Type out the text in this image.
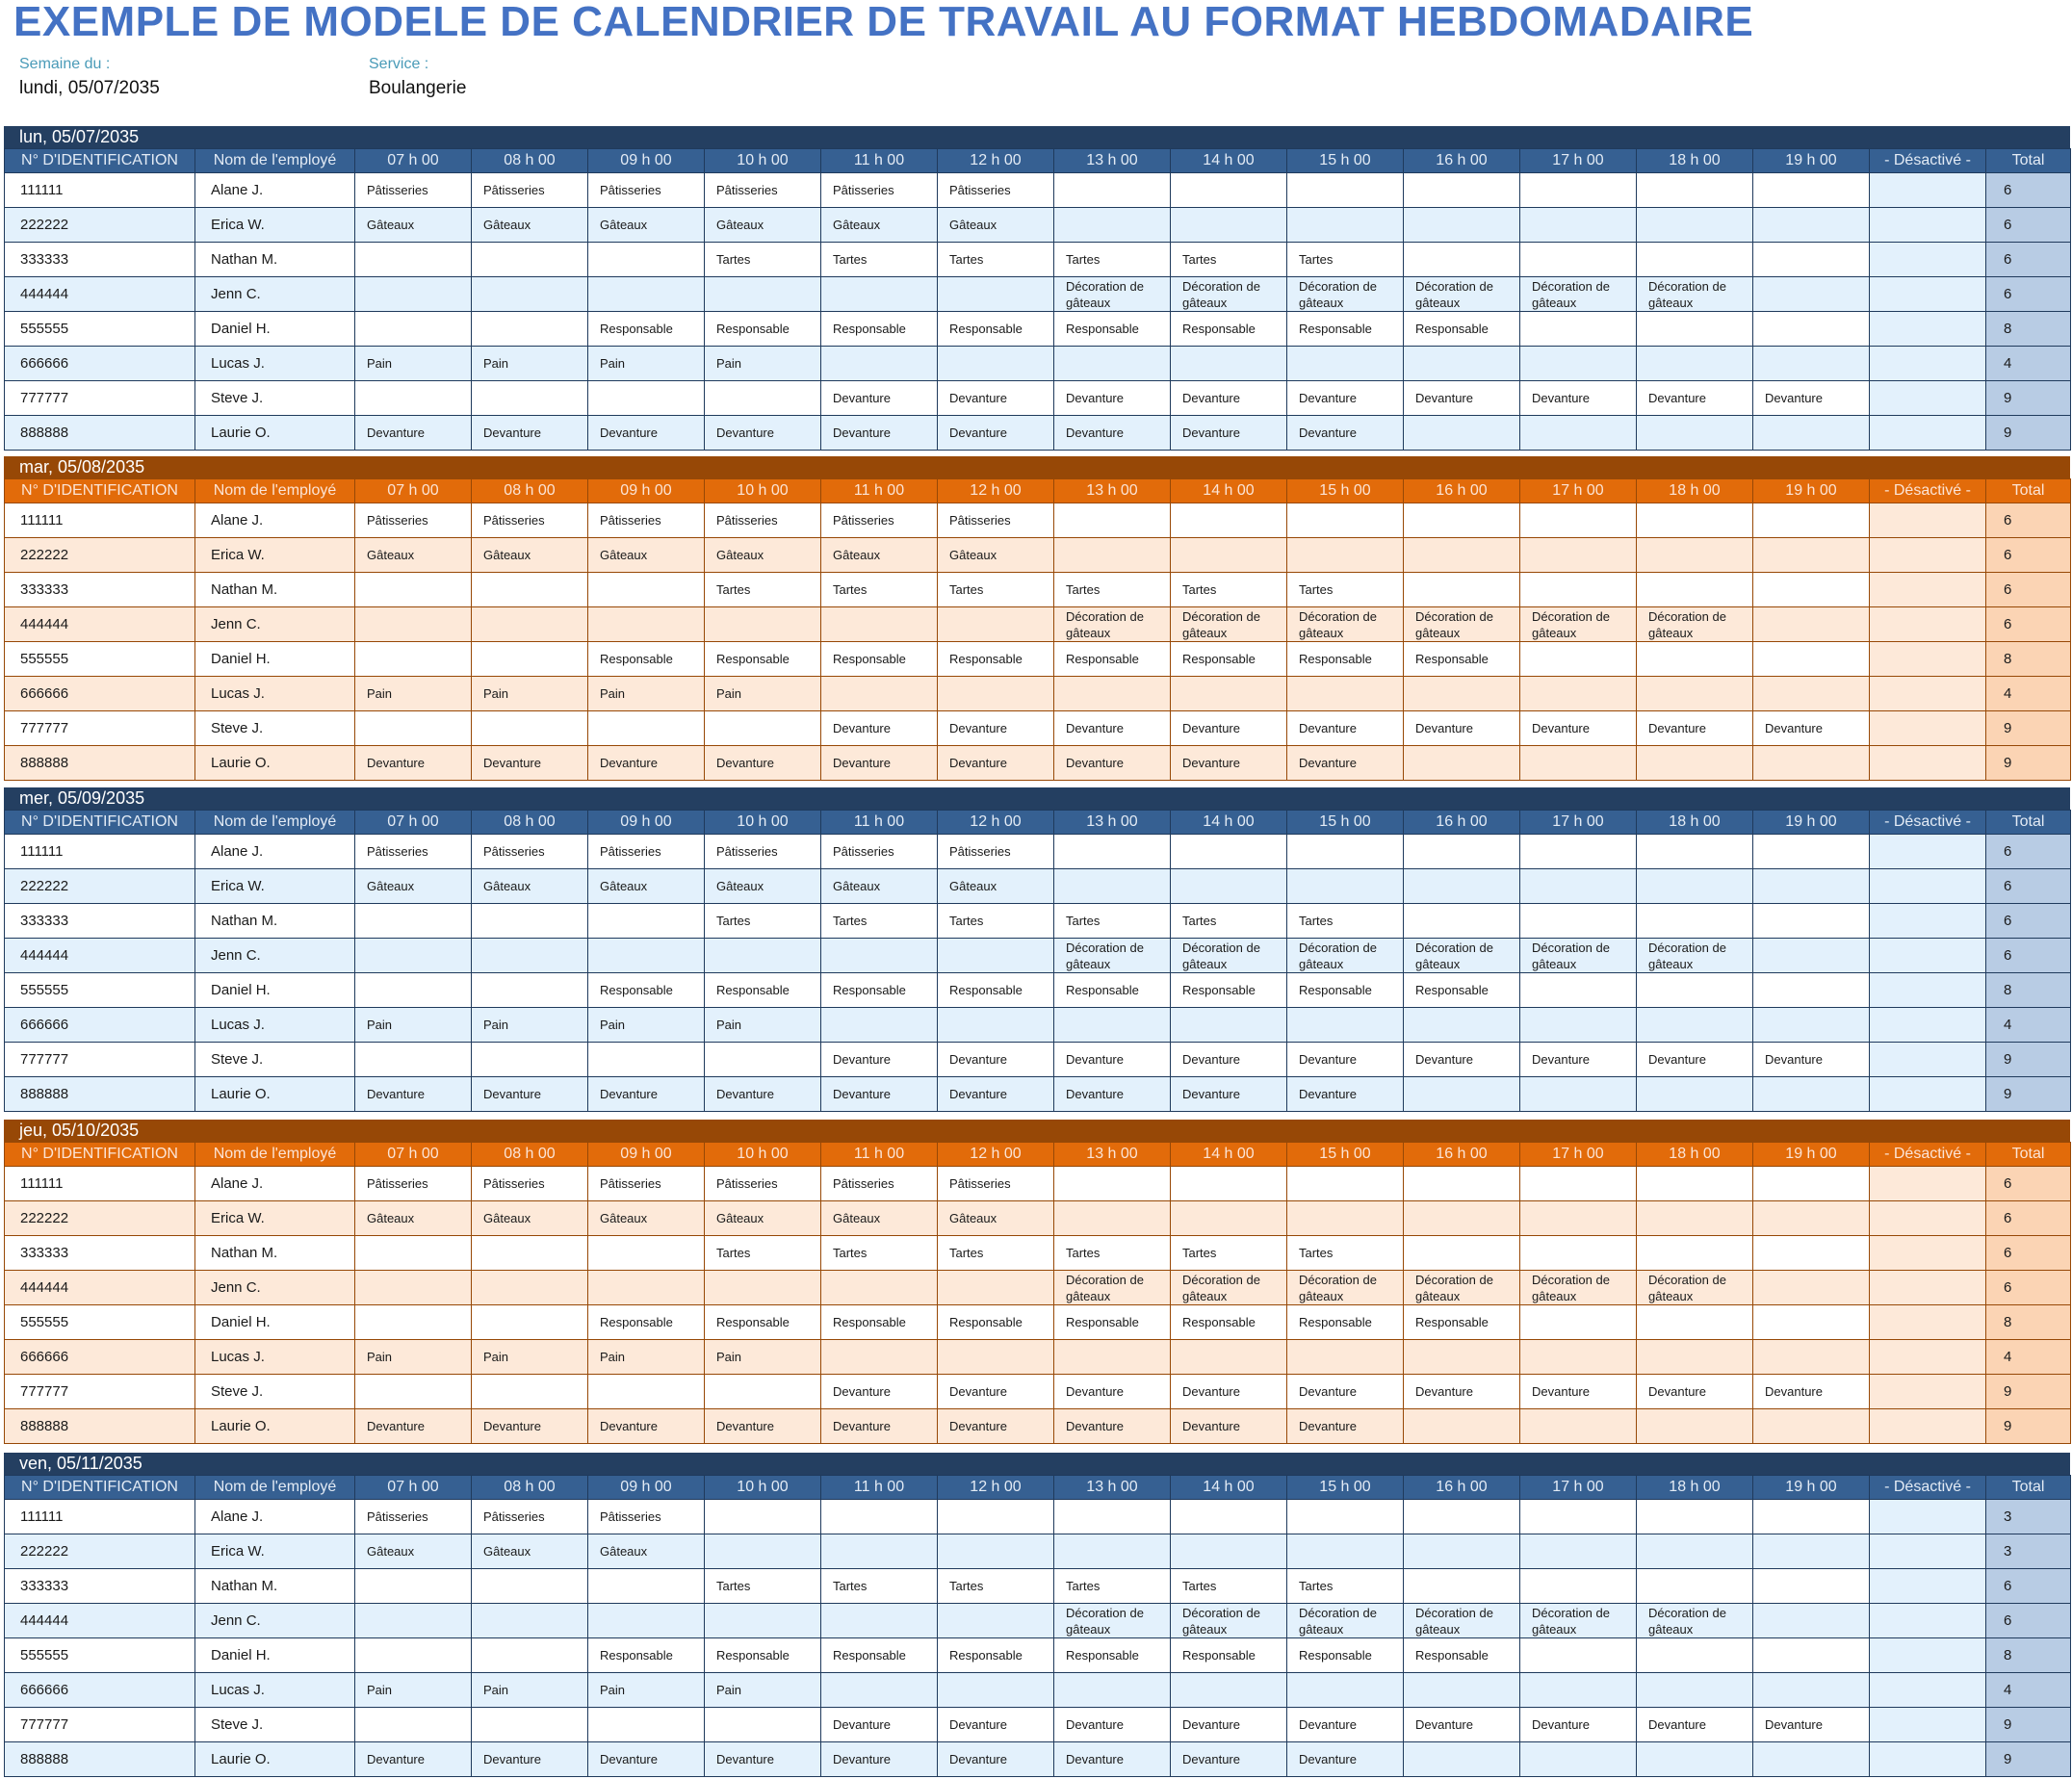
EXEMPLE DE MODELE DE CALENDRIER DE TRAVAIL AU FORMAT HEBDOMADAIRE
Semaine du :
lundi, 05/07/2035
Service :
Boulangerie
lun, 05/07/2035
N° D'IDENTIFICATION	Nom de l'employé	07 h 00	08 h 00	09 h 00	10 h 00	11 h 00	12 h 00	13 h 00	14 h 00	15 h 00	16 h 00	17 h 00	18 h 00	19 h 00	- Désactivé -	Total
111111	Alane J.	Pâtisseries	Pâtisseries	Pâtisseries	Pâtisseries	Pâtisseries	Pâtisseries									6
222222	Erica W.	Gâteaux	Gâteaux	Gâteaux	Gâteaux	Gâteaux	Gâteaux									6
333333	Nathan M.				Tartes	Tartes	Tartes	Tartes	Tartes	Tartes						6
444444	Jenn C.							Décoration de gâteaux	Décoration de gâteaux	Décoration de gâteaux	Décoration de gâteaux	Décoration de gâteaux	Décoration de gâteaux			6
555555	Daniel H.			Responsable	Responsable	Responsable	Responsable	Responsable	Responsable	Responsable	Responsable					8
666666	Lucas J.	Pain	Pain	Pain	Pain											4
777777	Steve J.					Devanture	Devanture	Devanture	Devanture	Devanture	Devanture	Devanture	Devanture	Devanture		9
888888	Laurie O.	Devanture	Devanture	Devanture	Devanture	Devanture	Devanture	Devanture	Devanture	Devanture						9
mar, 05/08/2035
N° D'IDENTIFICATION	Nom de l'employé	07 h 00	08 h 00	09 h 00	10 h 00	11 h 00	12 h 00	13 h 00	14 h 00	15 h 00	16 h 00	17 h 00	18 h 00	19 h 00	- Désactivé -	Total
111111	Alane J.	Pâtisseries	Pâtisseries	Pâtisseries	Pâtisseries	Pâtisseries	Pâtisseries									6
222222	Erica W.	Gâteaux	Gâteaux	Gâteaux	Gâteaux	Gâteaux	Gâteaux									6
333333	Nathan M.				Tartes	Tartes	Tartes	Tartes	Tartes	Tartes						6
444444	Jenn C.							Décoration de gâteaux	Décoration de gâteaux	Décoration de gâteaux	Décoration de gâteaux	Décoration de gâteaux	Décoration de gâteaux			6
555555	Daniel H.			Responsable	Responsable	Responsable	Responsable	Responsable	Responsable	Responsable	Responsable					8
666666	Lucas J.	Pain	Pain	Pain	Pain											4
777777	Steve J.					Devanture	Devanture	Devanture	Devanture	Devanture	Devanture	Devanture	Devanture	Devanture		9
888888	Laurie O.	Devanture	Devanture	Devanture	Devanture	Devanture	Devanture	Devanture	Devanture	Devanture						9
mer, 05/09/2035
N° D'IDENTIFICATION	Nom de l'employé	07 h 00	08 h 00	09 h 00	10 h 00	11 h 00	12 h 00	13 h 00	14 h 00	15 h 00	16 h 00	17 h 00	18 h 00	19 h 00	- Désactivé -	Total
111111	Alane J.	Pâtisseries	Pâtisseries	Pâtisseries	Pâtisseries	Pâtisseries	Pâtisseries									6
222222	Erica W.	Gâteaux	Gâteaux	Gâteaux	Gâteaux	Gâteaux	Gâteaux									6
333333	Nathan M.				Tartes	Tartes	Tartes	Tartes	Tartes	Tartes						6
444444	Jenn C.							Décoration de gâteaux	Décoration de gâteaux	Décoration de gâteaux	Décoration de gâteaux	Décoration de gâteaux	Décoration de gâteaux			6
555555	Daniel H.			Responsable	Responsable	Responsable	Responsable	Responsable	Responsable	Responsable	Responsable					8
666666	Lucas J.	Pain	Pain	Pain	Pain											4
777777	Steve J.					Devanture	Devanture	Devanture	Devanture	Devanture	Devanture	Devanture	Devanture	Devanture		9
888888	Laurie O.	Devanture	Devanture	Devanture	Devanture	Devanture	Devanture	Devanture	Devanture	Devanture						9
jeu, 05/10/2035
N° D'IDENTIFICATION	Nom de l'employé	07 h 00	08 h 00	09 h 00	10 h 00	11 h 00	12 h 00	13 h 00	14 h 00	15 h 00	16 h 00	17 h 00	18 h 00	19 h 00	- Désactivé -	Total
111111	Alane J.	Pâtisseries	Pâtisseries	Pâtisseries	Pâtisseries	Pâtisseries	Pâtisseries									6
222222	Erica W.	Gâteaux	Gâteaux	Gâteaux	Gâteaux	Gâteaux	Gâteaux									6
333333	Nathan M.				Tartes	Tartes	Tartes	Tartes	Tartes	Tartes						6
444444	Jenn C.							Décoration de gâteaux	Décoration de gâteaux	Décoration de gâteaux	Décoration de gâteaux	Décoration de gâteaux	Décoration de gâteaux			6
555555	Daniel H.			Responsable	Responsable	Responsable	Responsable	Responsable	Responsable	Responsable	Responsable					8
666666	Lucas J.	Pain	Pain	Pain	Pain											4
777777	Steve J.					Devanture	Devanture	Devanture	Devanture	Devanture	Devanture	Devanture	Devanture	Devanture		9
888888	Laurie O.	Devanture	Devanture	Devanture	Devanture	Devanture	Devanture	Devanture	Devanture	Devanture						9
ven, 05/11/2035
N° D'IDENTIFICATION	Nom de l'employé	07 h 00	08 h 00	09 h 00	10 h 00	11 h 00	12 h 00	13 h 00	14 h 00	15 h 00	16 h 00	17 h 00	18 h 00	19 h 00	- Désactivé -	Total
111111	Alane J.	Pâtisseries	Pâtisseries	Pâtisseries												3
222222	Erica W.	Gâteaux	Gâteaux	Gâteaux												3
333333	Nathan M.				Tartes	Tartes	Tartes	Tartes	Tartes	Tartes						6
444444	Jenn C.							Décoration de gâteaux	Décoration de gâteaux	Décoration de gâteaux	Décoration de gâteaux	Décoration de gâteaux	Décoration de gâteaux			6
555555	Daniel H.			Responsable	Responsable	Responsable	Responsable	Responsable	Responsable	Responsable	Responsable					8
666666	Lucas J.	Pain	Pain	Pain	Pain											4
777777	Steve J.					Devanture	Devanture	Devanture	Devanture	Devanture	Devanture	Devanture	Devanture	Devanture		9
888888	Laurie O.	Devanture	Devanture	Devanture	Devanture	Devanture	Devanture	Devanture	Devanture	Devanture						9
